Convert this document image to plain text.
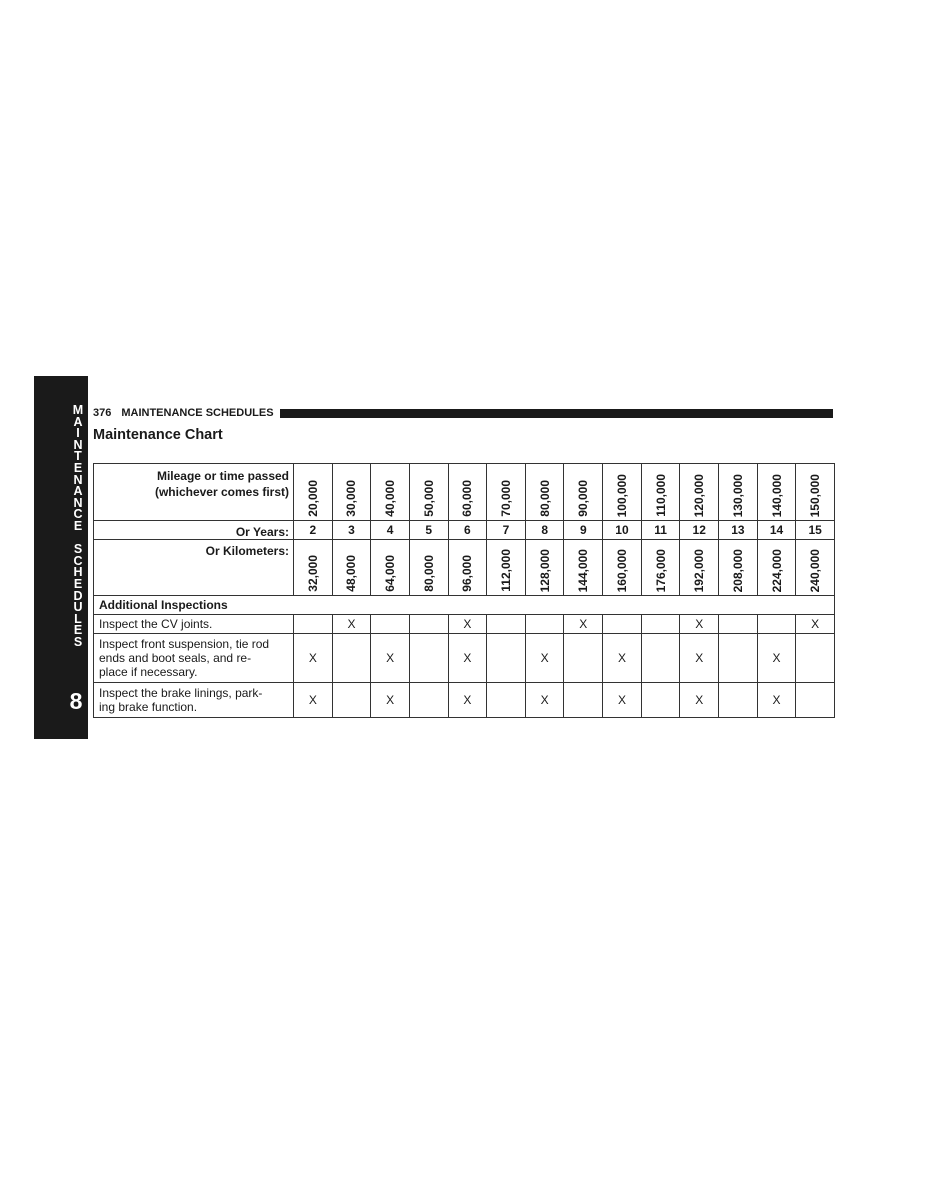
M
A
I
N
T
E
N
A
N
C
E
S
C
H
E
D
U
L
E
S
8
376 MAINTENANCE SCHEDULES
Maintenance Chart
Mileage or time passed
(whichever comes first)	20,000	30,000	40,000	50,000	60,000	70,000	80,000	90,000	100,000	110,000	120,000	130,000	140,000	150,000
Or Years:	2	3	4	5	6	7	8	9	10	11	12	13	14	15
Or Kilometers:	32,000	48,000	64,000	80,000	96,000	112,000	128,000	144,000	160,000	176,000	192,000	208,000	224,000	240,000
Additional Inspections														

Inspect the CV joints.		X			X			X			X			X

Inspect front suspension, tie rod
ends and boot seals, and re-
place if necessary.	X		X		X		X		X		X		X	

Inspect the brake linings, park-
ing brake function.	X		X		X		X		X		X		X	
